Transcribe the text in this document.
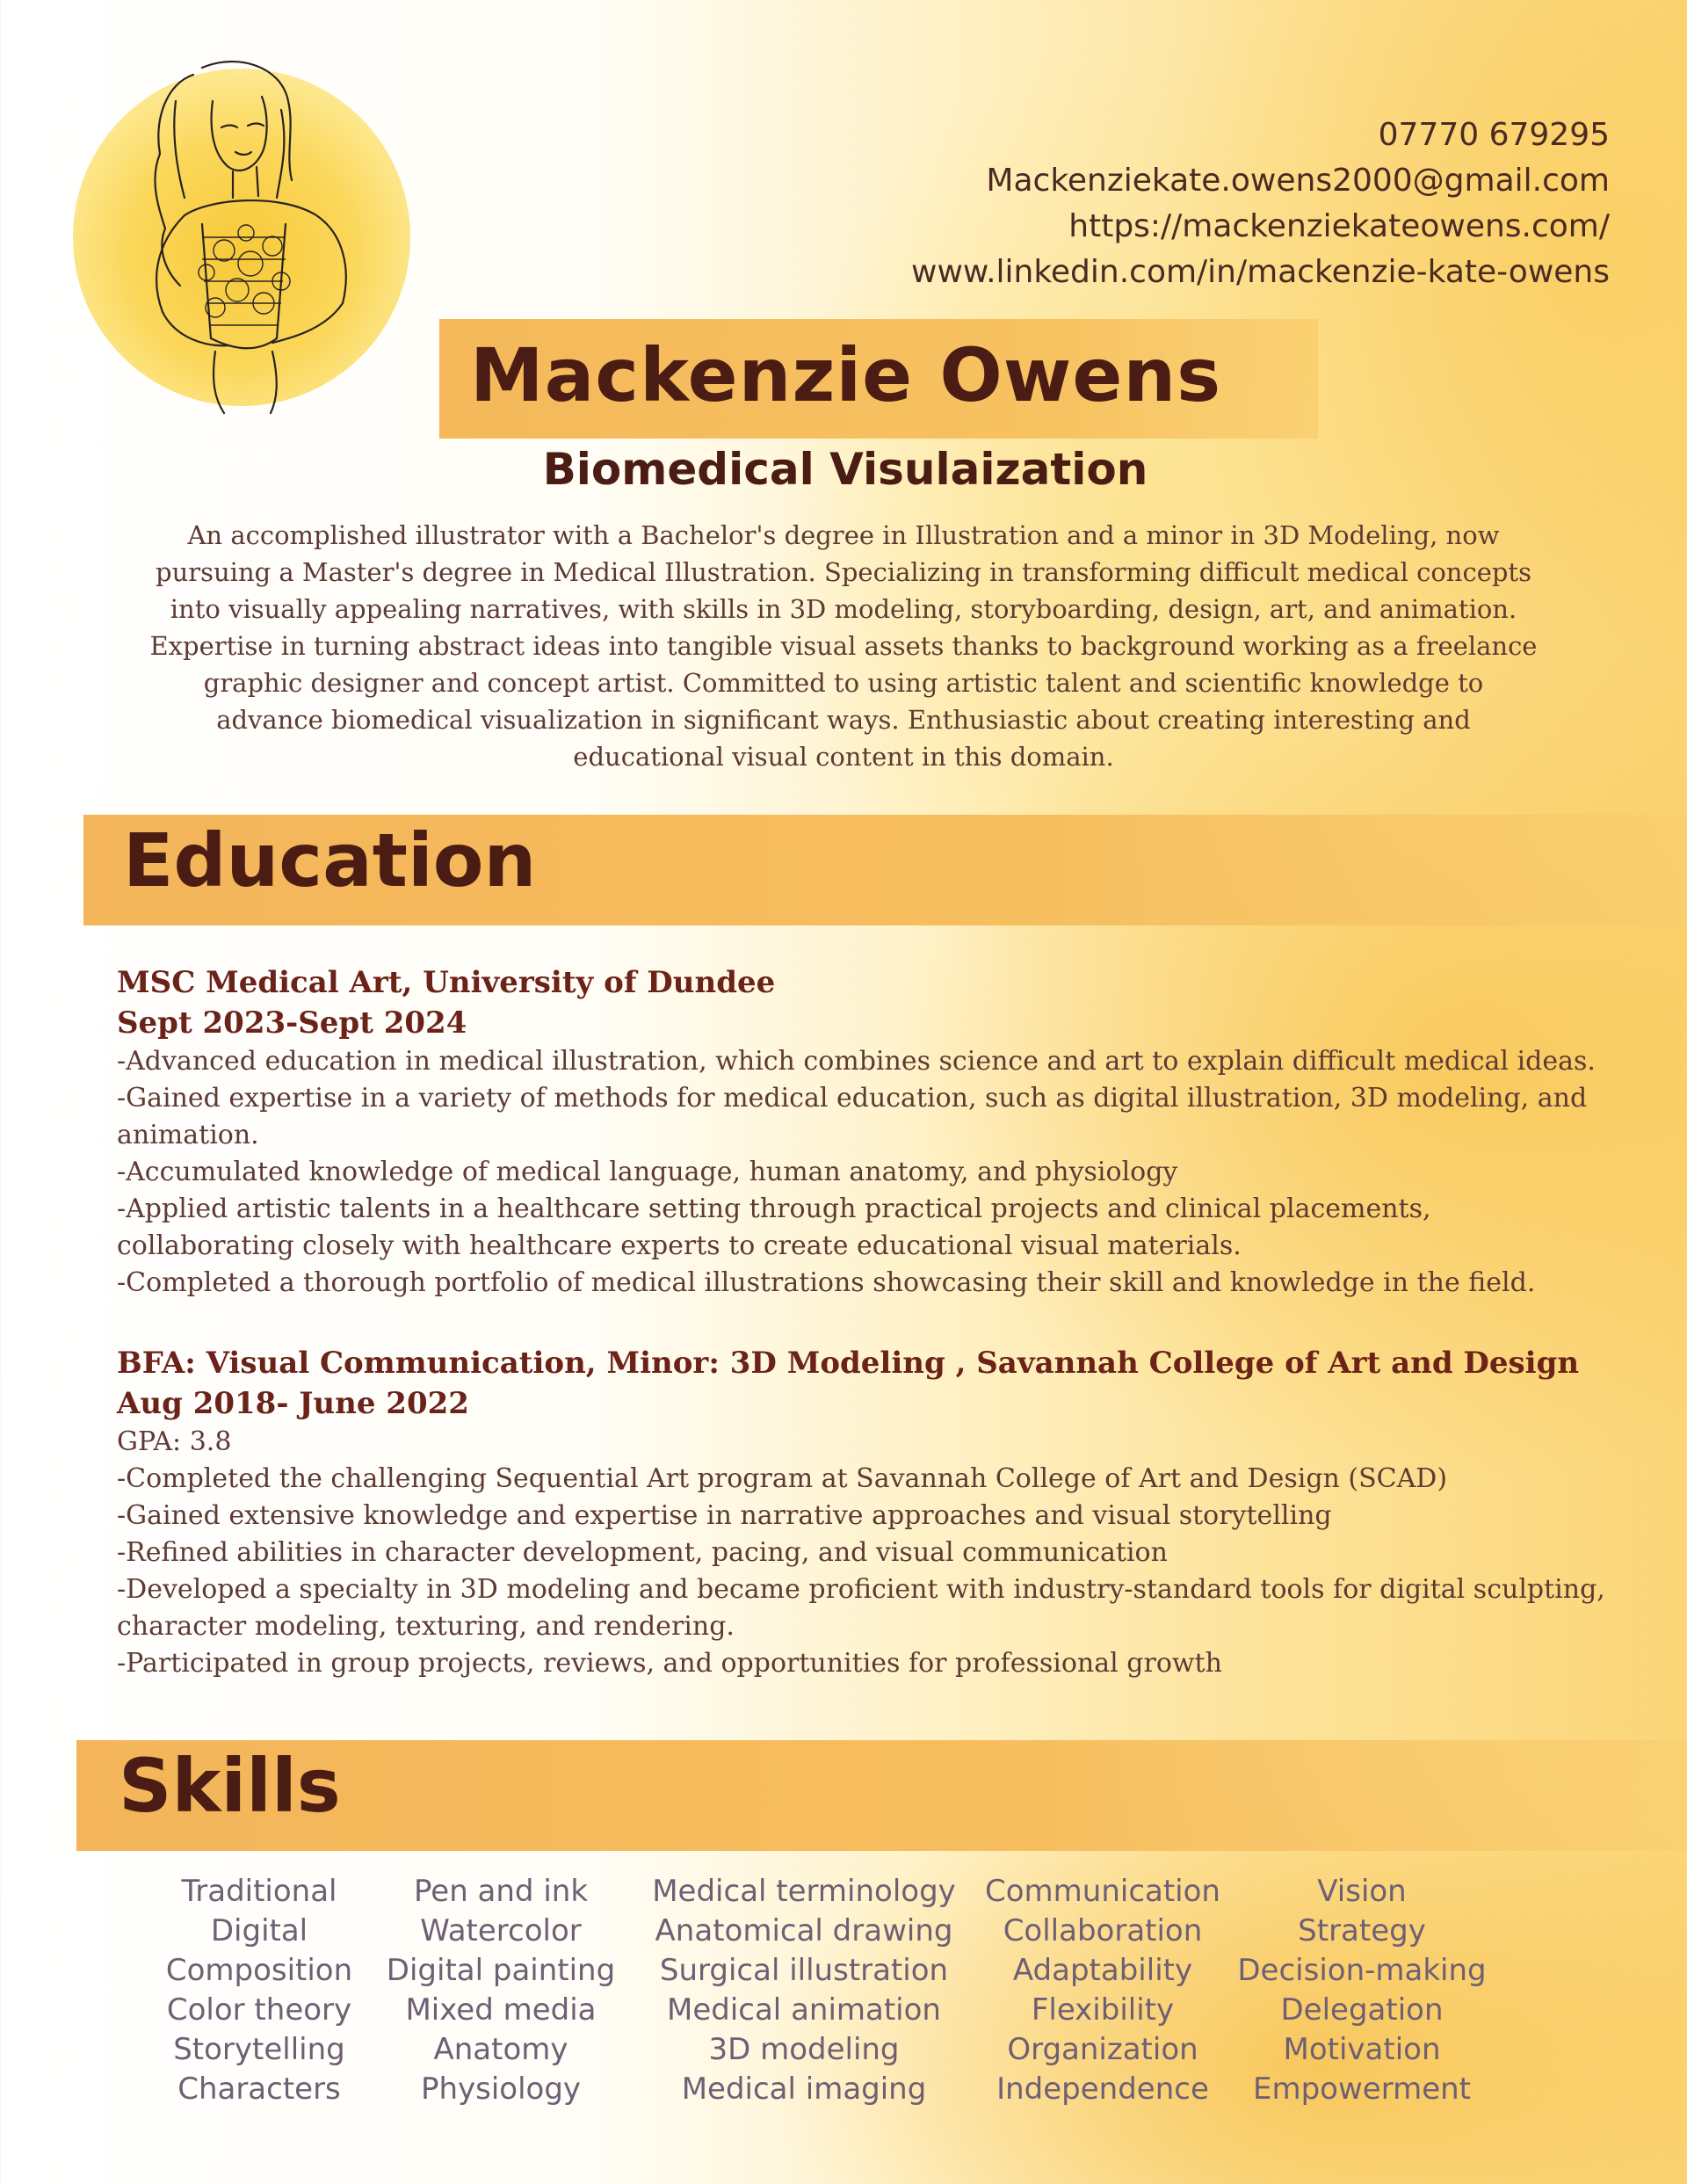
07770 679295
Mackenziekate.owens2000@gmail.com
https://mackenziekateowens.com/
www.linkedin.com/in/mackenzie-kate-owens
Mackenzie Owens
Biomedical Visulaization
An accomplished illustrator with a Bachelor's degree in Illustration and a minor in 3D Modeling, now pursuing a Master's degree in Medical Illustration. Specializing in transforming difficult medical concepts into visually appealing narratives, with skills in 3D modeling, storyboarding, design, art, and animation. Expertise in turning abstract ideas into tangible visual assets thanks to background working as a freelance graphic designer and concept artist. Committed to using artistic talent and scientific knowledge to advance biomedical visualization in significant ways. Enthusiastic about creating interesting and educational visual content in this domain.
Education
MSC Medical Art, University of Dundee
Sept 2023-Sept 2024
-Advanced education in medical illustration, which combines science and art to explain difficult medical ideas.
-Gained expertise in a variety of methods for medical education, such as digital illustration, 3D modeling, and animation.
-Accumulated knowledge of medical language, human anatomy, and physiology
-Applied artistic talents in a healthcare setting through practical projects and clinical placements, collaborating closely with healthcare experts to create educational visual materials.
-Completed a thorough portfolio of medical illustrations showcasing their skill and knowledge in the field.
BFA: Visual Communication, Minor: 3D Modeling , Savannah College of Art and Design
Aug 2018- June 2022
GPA: 3.8
-Completed the challenging Sequential Art program at Savannah College of Art and Design (SCAD)
-Gained extensive knowledge and expertise in narrative approaches and visual storytelling
-Refined abilities in character development, pacing, and visual communication
-Developed a specialty in 3D modeling and became proficient with industry-standard tools for digital sculpting, character modeling, texturing, and rendering.
-Participated in group projects, reviews, and opportunities for professional growth
Skills
Traditional
Digital
Composition
Color theory
Storytelling
Characters
Pen and ink
Watercolor
Digital painting
Mixed media
Anatomy
Physiology
Medical terminology
Anatomical drawing
Surgical illustration
Medical animation
3D modeling
Medical imaging
Communication
Collaboration
Adaptability
Flexibility
Organization
Independence
Vision
Strategy
Decision-making
Delegation
Motivation
Empowerment
